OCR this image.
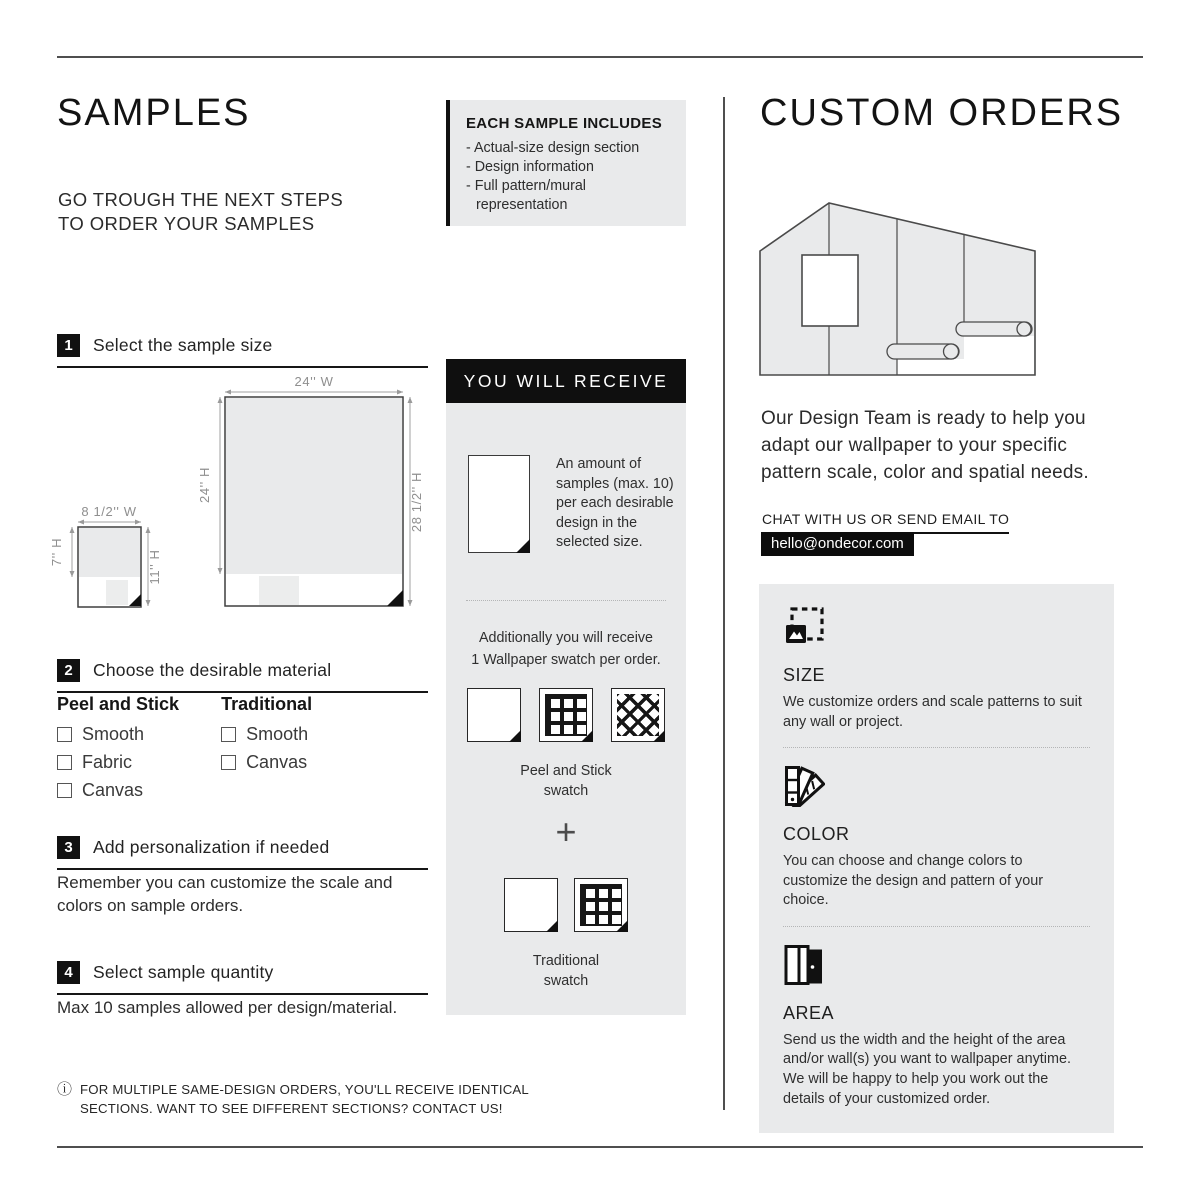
SAMPLES
GO TROUGH THE NEXT STEPS
TO ORDER YOUR SAMPLES
1	Select the sample size
24'' W
24'' H	28 1/2'' H
8 1/2'' W
7'' H	11'' H
2	Choose the desirable material
Peel and Stick
Smooth
Fabric
Canvas
Traditional
Smooth
Canvas
3	Add personalization if needed
Remember you can customize the scale and colors on sample orders.
4	Select sample quantity
Max 10 samples allowed per design/material.
ⓘ FOR MULTIPLE SAME-DESIGN ORDERS, YOU'LL RECEIVE IDENTICAL
SECTIONS. WANT TO SEE DIFFERENT SECTIONS? CONTACT US!
EACH SAMPLE INCLUDES
- Actual-size design section
- Design information
- Full pattern/mural representation
YOU WILL RECEIVE
An amount of samples (max. 10) per each desirable design in the selected size.
Additionally you will receive
1 Wallpaper swatch per order.
Peel and Stick
swatch
+
Traditional
swatch
CUSTOM ORDERS
Our Design Team is ready to help you adapt our wallpaper to your specific pattern scale, color and spatial needs.
CHAT WITH US OR SEND EMAIL TO
hello@ondecor.com
SIZE
We customize orders and scale patterns to suit any wall or project.
COLOR
You can choose and change colors to customize the design and pattern of your choice.
AREA
Send us the width and the height of the area and/or wall(s) you want to wallpaper anytime. We will be happy to help you work out the details of your customized order.
